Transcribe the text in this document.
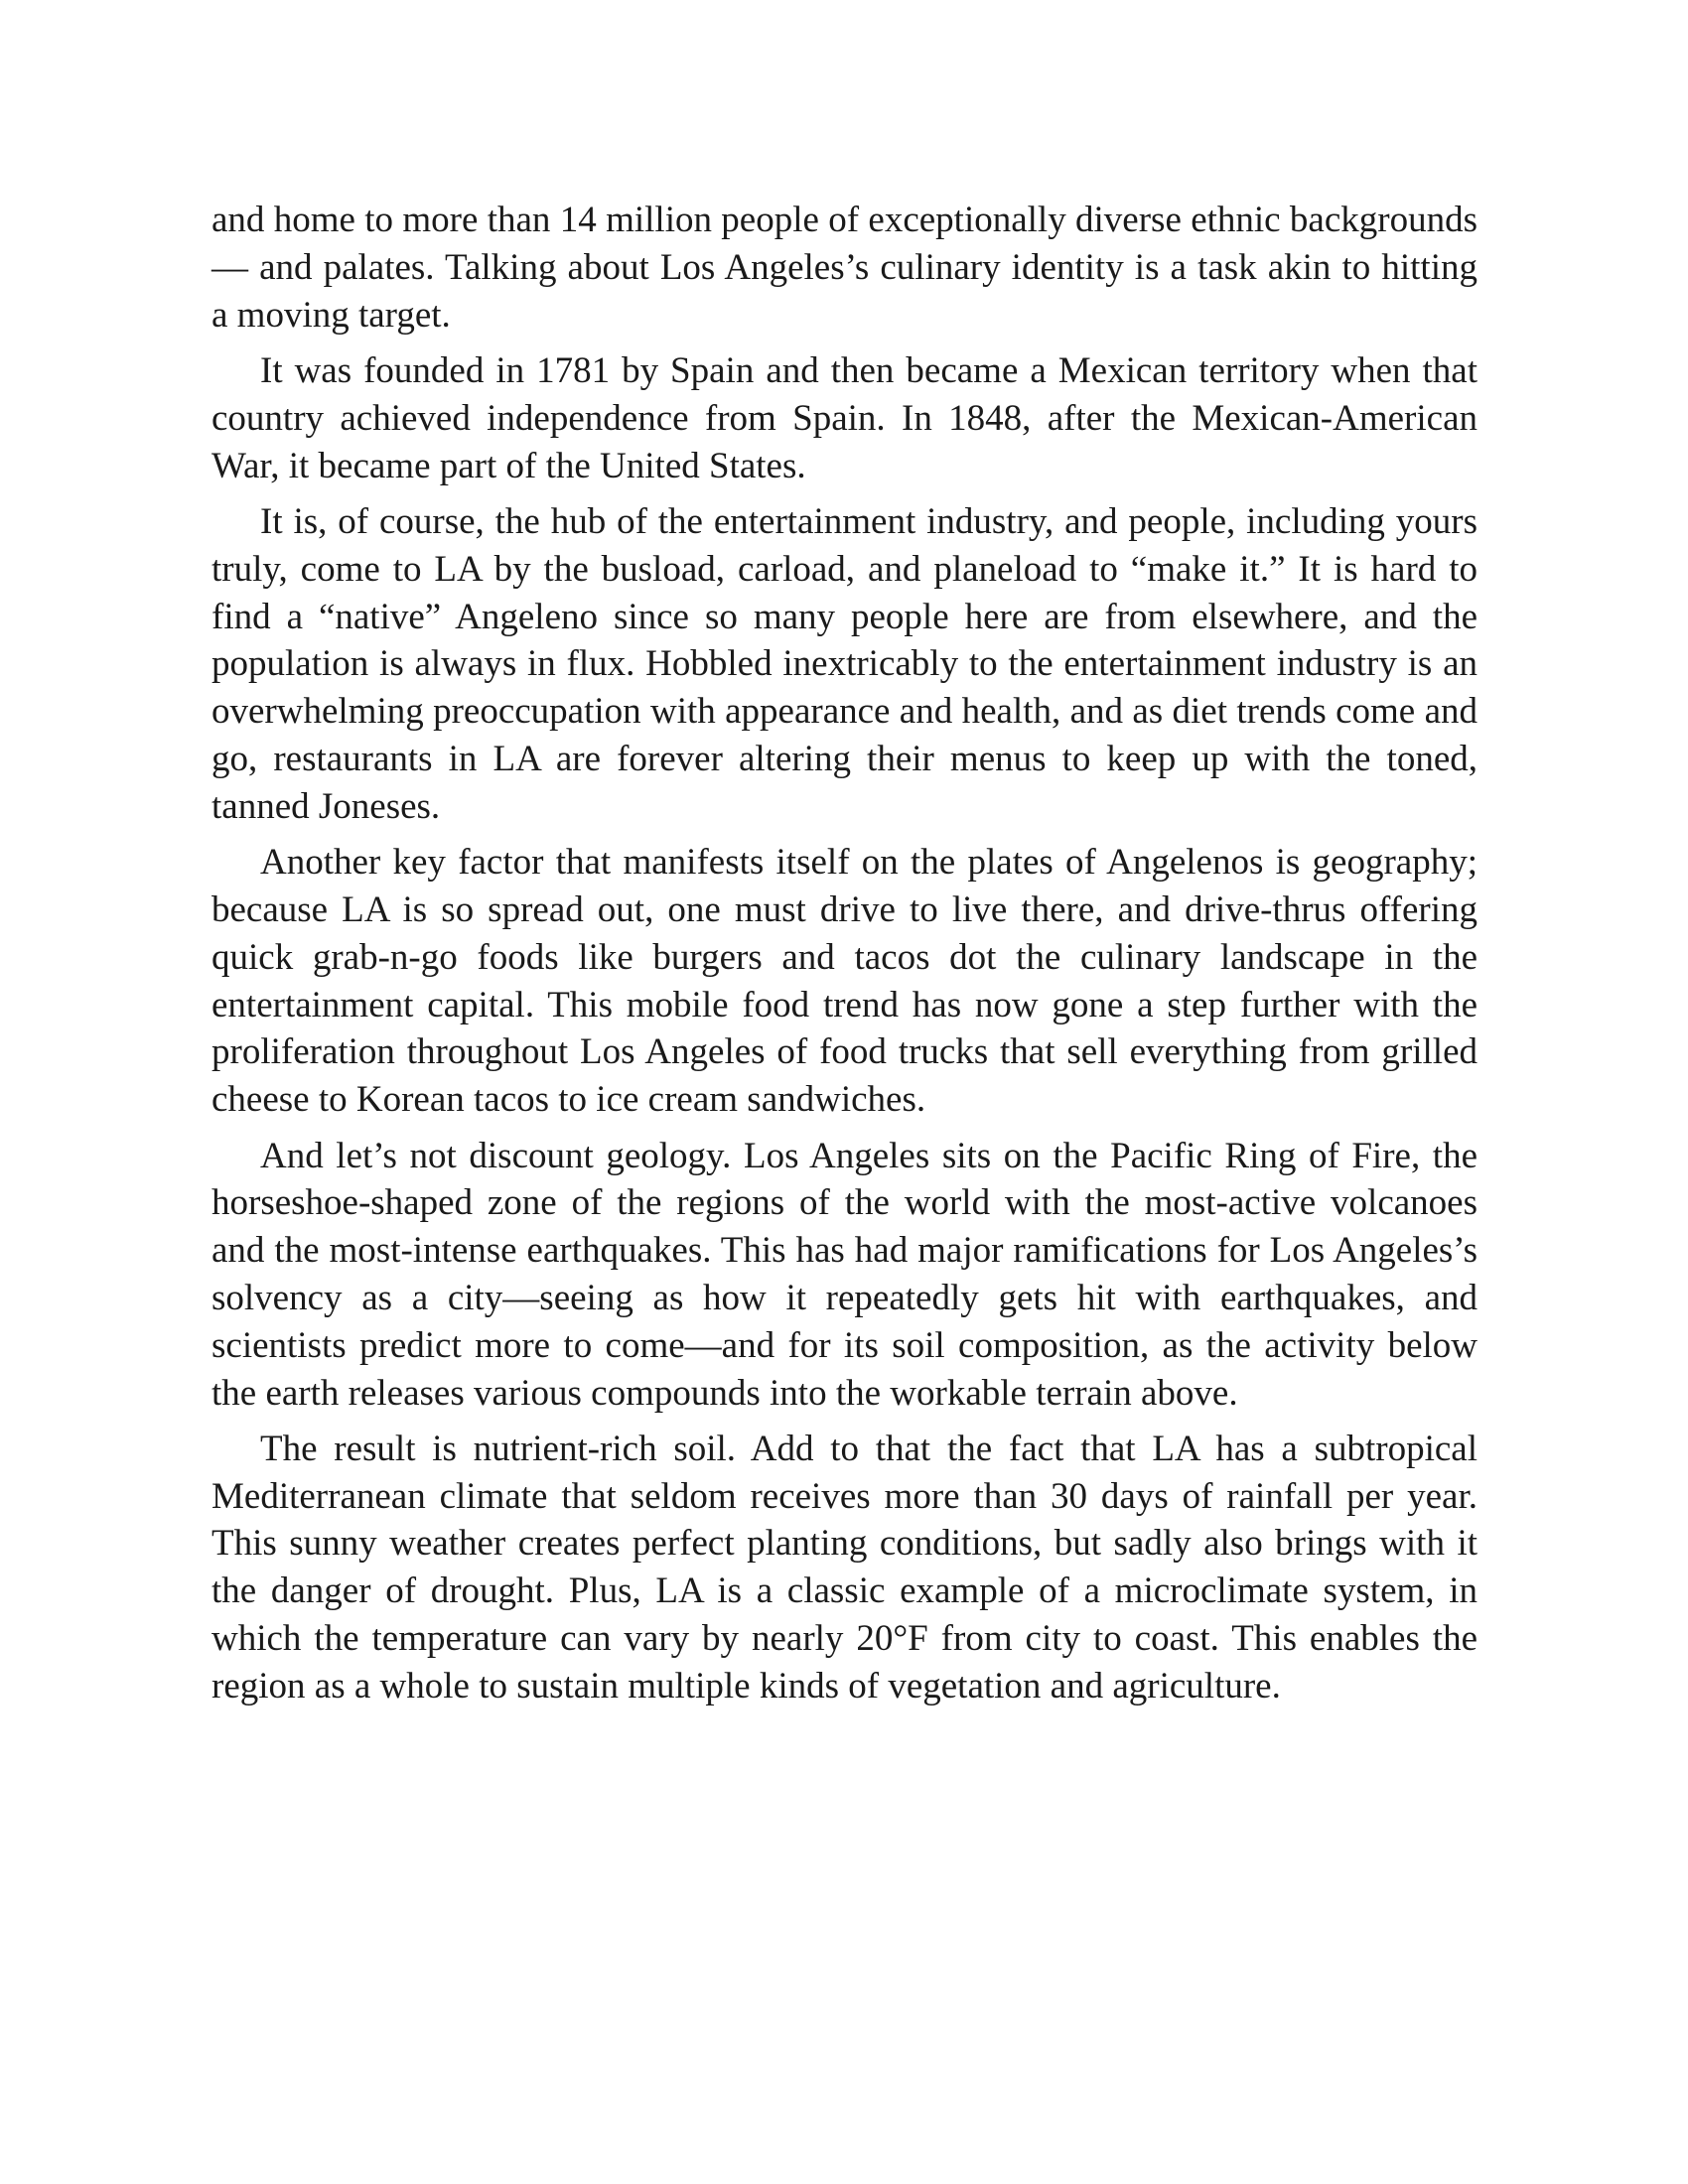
and home to more than 14 million people of exceptionally diverse ethnic backgrounds— and palates. Talking about Los Angeles’s culinary identity is a task akin to hitting a moving target.

It was founded in 1781 by Spain and then became a Mexican territory when that country achieved independence from Spain. In 1848, after the Mexican-American War, it became part of the United States.

It is, of course, the hub of the entertainment industry, and people, including yours truly, come to LA by the busload, carload, and planeload to “make it.” It is hard to find a “native” Angeleno since so many people here are from elsewhere, and the population is always in flux. Hobbled inextricably to the entertainment industry is an overwhelming preoccupation with appearance and health, and as diet trends come and go, restaurants in LA are forever altering their menus to keep up with the toned, tanned Joneses.

Another key factor that manifests itself on the plates of Angelenos is geography; because LA is so spread out, one must drive to live there, and drive-thrus offering quick grab-n-go foods like burgers and tacos dot the culinary landscape in the entertainment capital. This mobile food trend has now gone a step further with the proliferation throughout Los Angeles of food trucks that sell everything from grilled cheese to Korean tacos to ice cream sandwiches.

And let’s not discount geology. Los Angeles sits on the Pacific Ring of Fire, the horseshoe-shaped zone of the regions of the world with the most-active volcanoes and the most-intense earthquakes. This has had major ramifications for Los Angeles’s solvency as a city—seeing as how it repeatedly gets hit with earthquakes, and scientists predict more to come—and for its soil composition, as the activity below the earth releases various compounds into the workable terrain above.

The result is nutrient-rich soil. Add to that the fact that LA has a subtropical Mediterranean climate that seldom receives more than 30 days of rainfall per year. This sunny weather creates perfect planting conditions, but sadly also brings with it the danger of drought. Plus, LA is a classic example of a microclimate system, in which the temperature can vary by nearly 20°F from city to coast. This enables the region as a whole to sustain multiple kinds of vegetation and agriculture.
